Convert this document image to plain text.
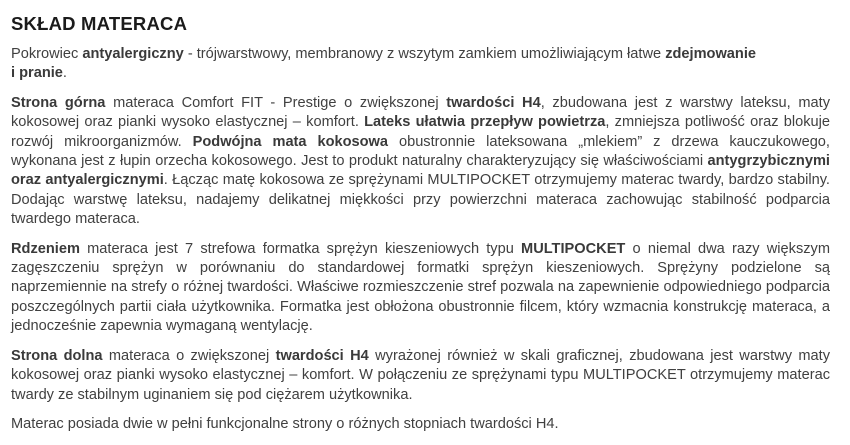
SKŁAD MATERACA

Pokrowiec antyalergiczny - trójwarstwowy, membranowy z wszytym zamkiem umożliwiającym łatwe zdejmowanie
i pranie.

Strona górna materaca Comfort FIT - Prestige o zwiększonej twardości H4, zbudowana jest z warstwy lateksu, maty kokosowej oraz pianki wysoko elastycznej – komfort. Lateks ułatwia przepływ powietrza, zmniejsza potliwość oraz blokuje rozwój mikroorganizmów. Podwójna mata kokosowa obustronnie lateksowana „mlekiem” z drzewa kauczukowego, wykonana jest z łupin orzecha kokosowego. Jest to produkt naturalny charakteryzujący się właściwościami antygrzybicznymi oraz antyalergicznymi. Łącząc matę kokosowa ze sprężynami MULTIPOCKET otrzymujemy materac twardy, bardzo stabilny. Dodając warstwę lateksu, nadajemy delikatnej miękkości przy powierzchni materaca zachowując stabilność podparcia twardego materaca.

Rdzeniem materaca jest 7 strefowa formatka sprężyn kieszeniowych typu MULTIPOCKET o niemal dwa razy większym zagęszczeniu sprężyn w porównaniu do standardowej formatki sprężyn kieszeniowych. Sprężyny podzielone są naprzemiennie na strefy o różnej twardości. Właściwe rozmieszczenie stref pozwala na zapewnienie odpowiedniego podparcia poszczególnych partii ciała użytkownika. Formatka jest obłożona obustronnie filcem, który wzmacnia konstrukcję materaca, a jednocześnie zapewnia wymaganą wentylację.

Strona dolna materaca o zwiększonej twardości H4 wyrażonej również w skali graficznej, zbudowana jest warstwy maty kokosowej oraz pianki wysoko elastycznej – komfort. W połączeniu ze sprężynami typu MULTIPOCKET otrzymujemy materac twardy ze stabilnym uginaniem się pod ciężarem użytkownika.

Materac posiada dwie w pełni funkcjonalne strony o różnych stopniach twardości H4.
